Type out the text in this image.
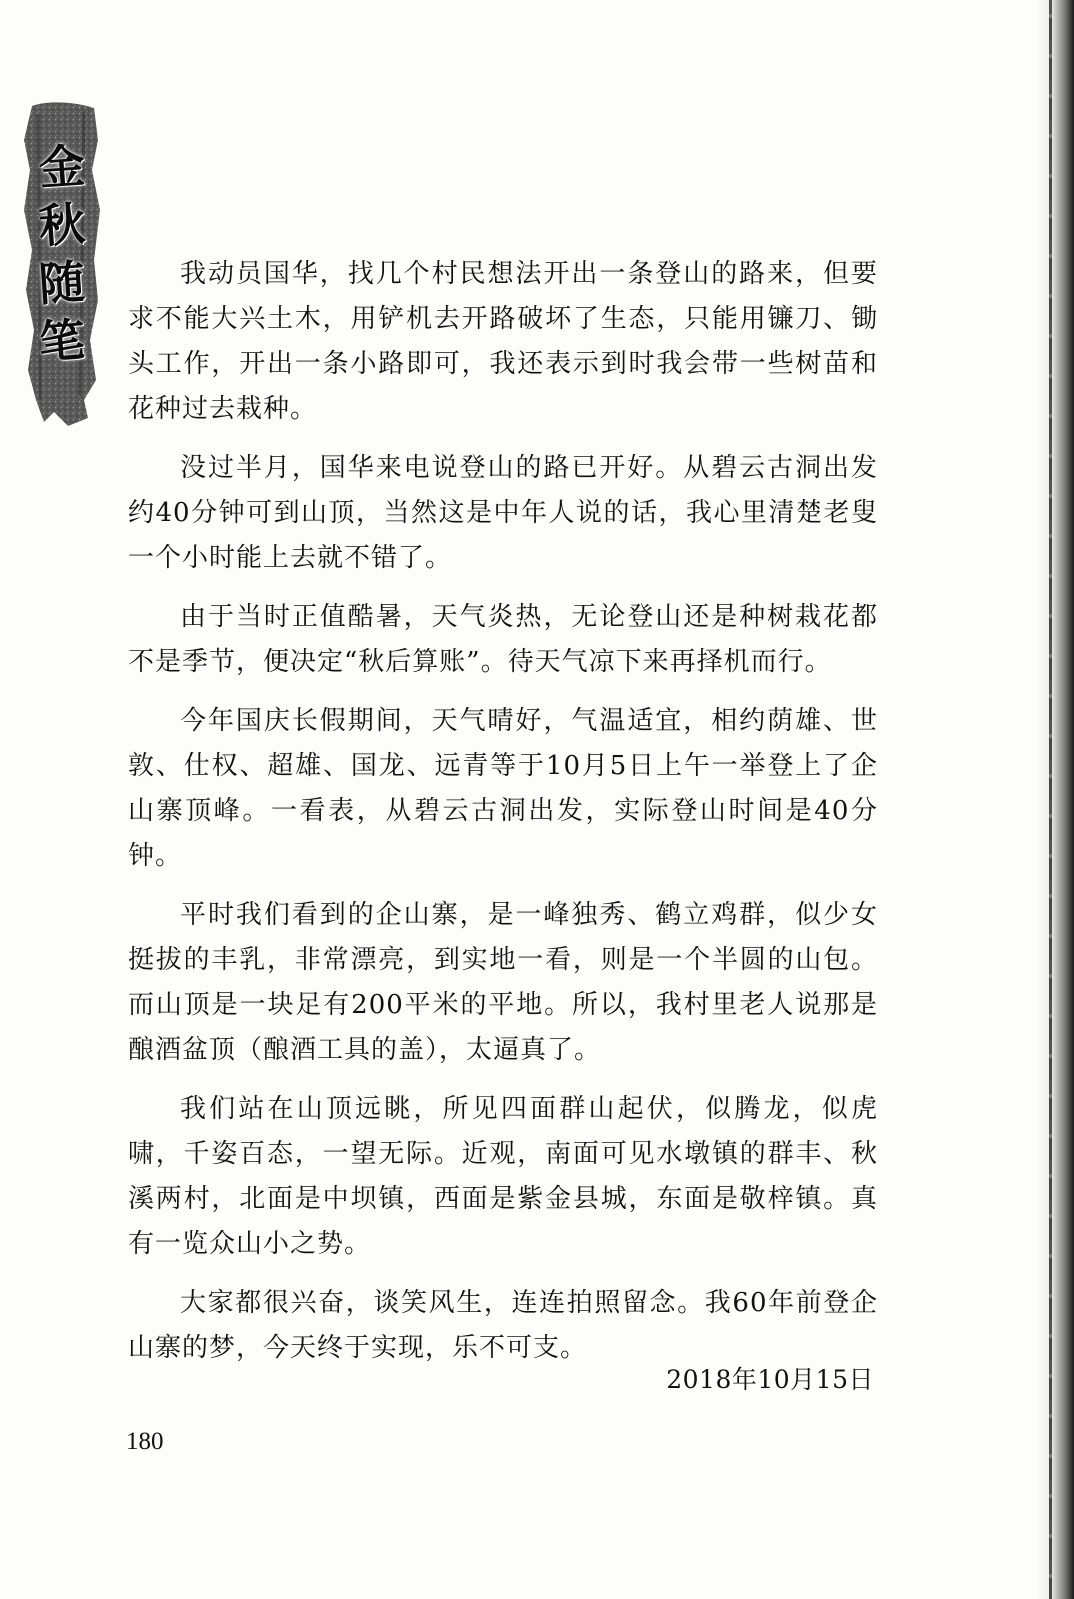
金
秋
随
笔

我动员国华，找几个村民想法开出一条登山的路来，但要求不能大兴土木，用铲机去开路破坏了生态，只能用镰刀、锄头工作，开出一条小路即可，我还表示到时我会带一些树苗和花种过去栽种。

没过半月，国华来电说登山的路已开好。从碧云古洞出发约40分钟可到山顶，当然这是中年人说的话，我心里清楚老叟一个小时能上去就不错了。

由于当时正值酷暑，天气炎热，无论登山还是种树栽花都不是季节，便决定“秋后算账”。待天气凉下来再择机而行。

今年国庆长假期间，天气晴好，气温适宜，相约荫雄、世敦、仕权、超雄、国龙、远青等于10月5日上午一举登上了企山寨顶峰。一看表，从碧云古洞出发，实际登山时间是40分钟。

平时我们看到的企山寨，是一峰独秀、鹤立鸡群，似少女挺拔的丰乳，非常漂亮，到实地一看，则是一个半圆的山包。而山顶是一块足有200平米的平地。所以，我村里老人说那是酿酒盆顶（酿酒工具的盖），太逼真了。

我们站在山顶远眺，所见四面群山起伏，似腾龙，似虎啸，千姿百态，一望无际。近观，南面可见水墩镇的群丰、秋溪两村，北面是中坝镇，西面是紫金县城，东面是敬梓镇。真有一览众山小之势。

大家都很兴奋，谈笑风生，连连拍照留念。我60年前登企山寨的梦，今天终于实现，乐不可支。

2018年10月15日
180
